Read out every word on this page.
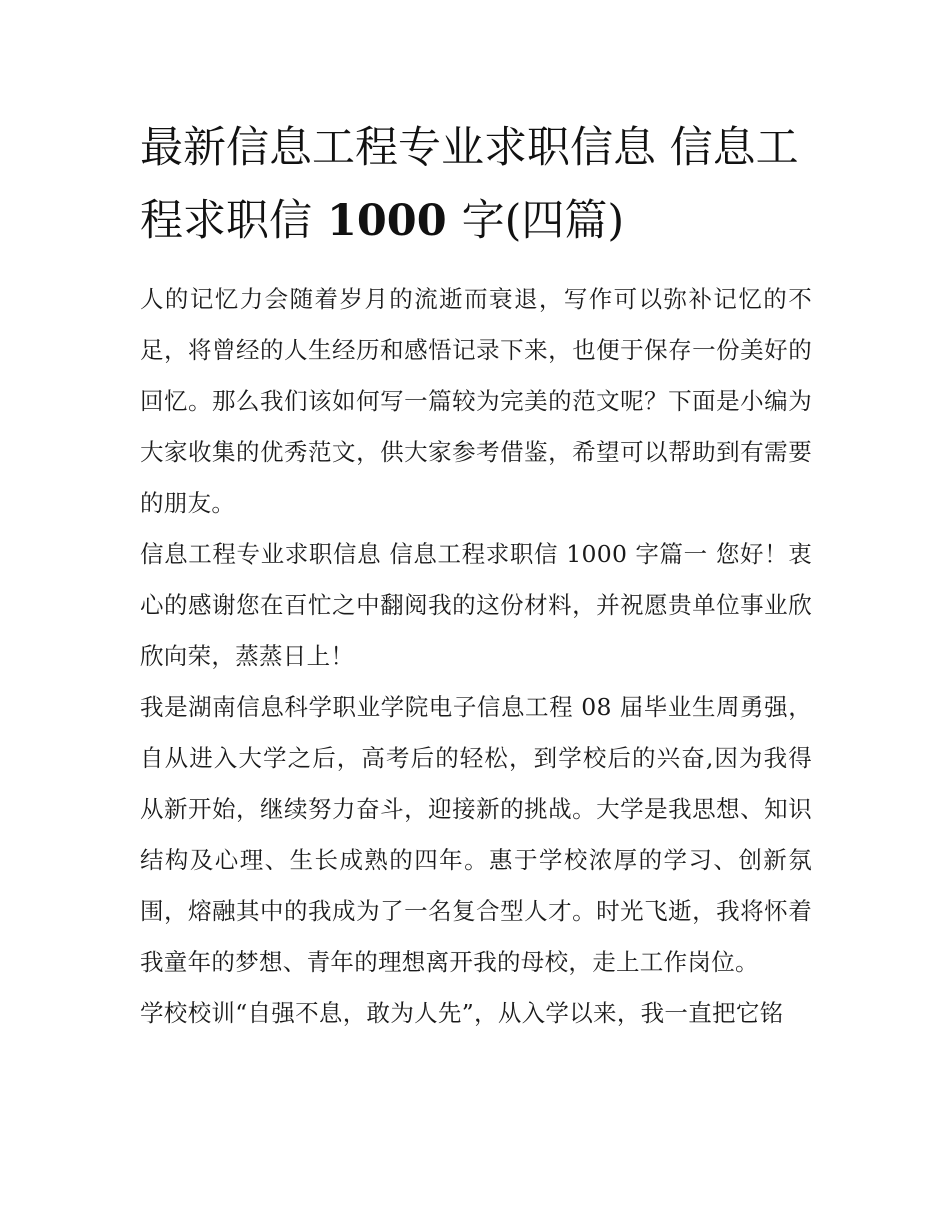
最新信息工程专业求职信息 信息工程求职信 1000 字(四篇)

人的记忆力会随着岁月的流逝而衰退，写作可以弥补记忆的不足，将曾经的人生经历和感悟记录下来，也便于保存一份美好的回忆。那么我们该如何写一篇较为完美的范文呢？下面是小编为大家收集的优秀范文，供大家参考借鉴，希望可以帮助到有需要的朋友。

信息工程专业求职信息 信息工程求职信 1000 字篇一 您好！衷心的感谢您在百忙之中翻阅我的这份材料，并祝愿贵单位事业欣欣向荣，蒸蒸日上！

我是湖南信息科学职业学院电子信息工程 08 届毕业生周勇强，自从进入大学之后，高考后的轻松，到学校后的兴奋,因为我得从新开始，继续努力奋斗，迎接新的挑战。大学是我思想、知识结构及心理、生长成熟的四年。惠于学校浓厚的学习、创新氛围，熔融其中的我成为了一名复合型人才。时光飞逝，我将怀着我童年的梦想、青年的理想离开我的母校，走上工作岗位。

学校校训“自强不息，敢为人先”，从入学以来，我一直把它铭
